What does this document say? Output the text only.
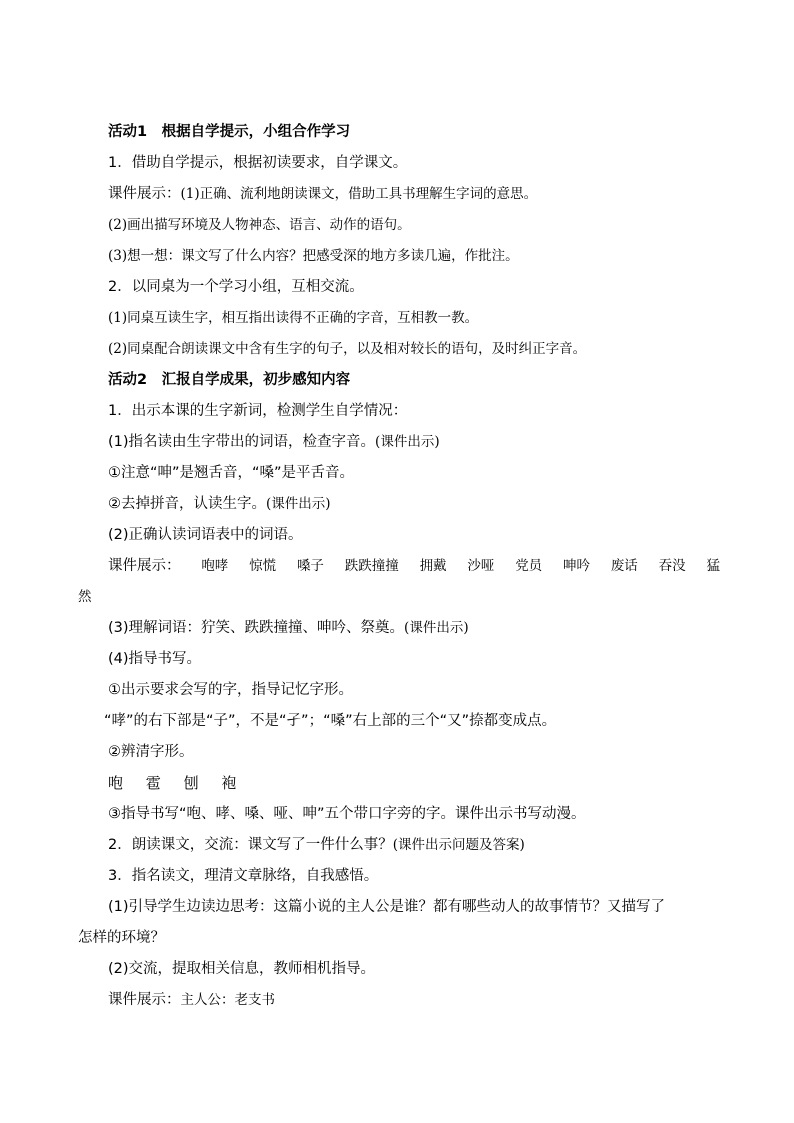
活动1　根据自学提示，小组合作学习
1．借助自学提示，根据初读要求，自学课文。
课件展示：(1)正确、流利地朗读课文，借助工具书理解生字词的意思。
(2)画出描写环境及人物神态、语言、动作的语句。
(3)想一想：课文写了什么内容？把感受深的地方多读几遍，作批注。
2．以同桌为一个学习小组，互相交流。
(1)同桌互读生字，相互指出读得不正确的字音，互相教一教。
(2)同桌配合朗读课文中含有生字的句子，以及相对较长的语句，及时纠正字音。
活动2　汇报自学成果，初步感知内容
1．出示本课的生字新词，检测学生自学情况：
(1)指名读由生字带出的词语，检查字音。(课件出示)
①注意“呻”是翘舌音，“嗓”是平舌音。
②去掉拼音，认读生字。(课件出示)
(2)正确认读词语表中的词语。
课件展示： 咆哮 惊慌 嗓子 跌跌撞撞 拥戴 沙哑 党员 呻吟 废话 吞没 猛
然
(3)理解词语：狞笑、跌跌撞撞、呻吟、祭奠。(课件出示)
(4)指导书写。
①出示要求会写的字，指导记忆字形。
“哮”的右下部是“子”，不是“孑”；“嗓”右上部的三个“又”捺都变成点。
②辨清字形。
咆 雹 刨 袍
③指导书写“咆、哮、嗓、哑、呻”五个带口字旁的字。课件出示书写动漫。
2．朗读课文，交流：课文写了一件什么事？(课件出示问题及答案)
3．指名读文，理清文章脉络，自我感悟。
(1)引导学生边读边思考：这篇小说的主人公是谁？都有哪些动人的故事情节？又描写了
怎样的环境？
(2)交流，提取相关信息，教师相机指导。
课件展示：主人公：老支书
